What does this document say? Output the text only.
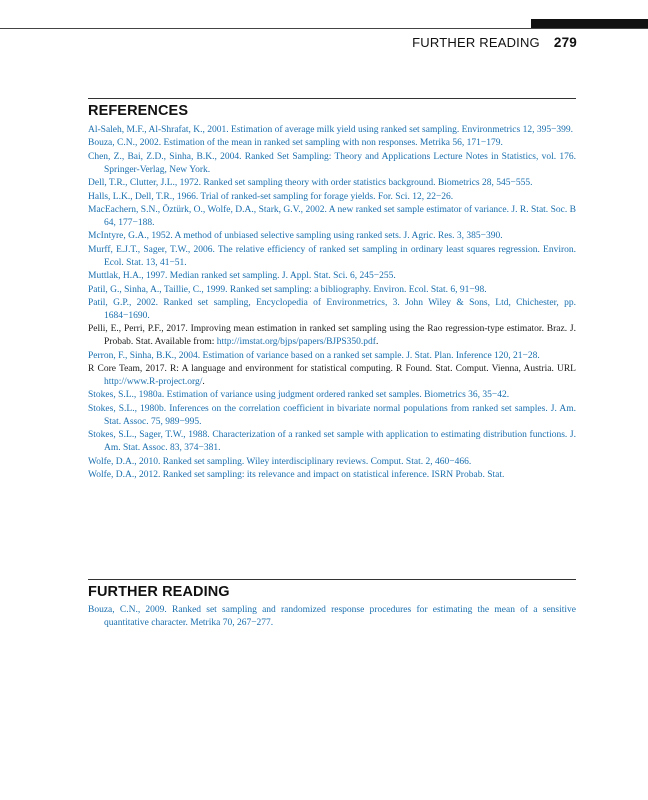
FURTHER READING 279
REFERENCES
Al-Saleh, M.F., Al-Shrafat, K., 2001. Estimation of average milk yield using ranked set sampling. Environmetrics 12, 395−399.
Bouza, C.N., 2002. Estimation of the mean in ranked set sampling with non responses. Metrika 56, 171−179.
Chen, Z., Bai, Z.D., Sinha, B.K., 2004. Ranked Set Sampling: Theory and Applications Lecture Notes in Statistics, vol. 176. Springer-Verlag, New York.
Dell, T.R., Clutter, J.L., 1972. Ranked set sampling theory with order statistics background. Biometrics 28, 545−555.
Halls, L.K., Dell, T.R., 1966. Trial of ranked-set sampling for forage yields. For. Sci. 12, 22−26.
MacEachern, S.N., Öztürk, O., Wolfe, D.A., Stark, G.V., 2002. A new ranked set sample estimator of variance. J. R. Stat. Soc. B 64, 177−188.
McIntyre, G.A., 1952. A method of unbiased selective sampling using ranked sets. J. Agric. Res. 3, 385−390.
Murff, E.J.T., Sager, T.W., 2006. The relative efficiency of ranked set sampling in ordinary least squares regression. Environ. Ecol. Stat. 13, 41−51.
Muttlak, H.A., 1997. Median ranked set sampling. J. Appl. Stat. Sci. 6, 245−255.
Patil, G., Sinha, A., Taillie, C., 1999. Ranked set sampling: a bibliography. Environ. Ecol. Stat. 6, 91−98.
Patil, G.P., 2002. Ranked set sampling, Encyclopedia of Environmetrics, 3. John Wiley & Sons, Ltd, Chichester, pp. 1684−1690.
Pelli, E., Perri, P.F., 2017. Improving mean estimation in ranked set sampling using the Rao regression-type estimator. Braz. J. Probab. Stat. Available from: http://imstat.org/bjps/papers/BJPS350.pdf.
Perron, F., Sinha, B.K., 2004. Estimation of variance based on a ranked set sample. J. Stat. Plan. Inference 120, 21−28.
R Core Team, 2017. R: A language and environment for statistical computing. R Found. Stat. Comput. Vienna, Austria. URL http://www.R-project.org/.
Stokes, S.L., 1980a. Estimation of variance using judgment ordered ranked set samples. Biometrics 36, 35−42.
Stokes, S.L., 1980b. Inferences on the correlation coefficient in bivariate normal populations from ranked set samples. J. Am. Stat. Assoc. 75, 989−995.
Stokes, S.L., Sager, T.W., 1988. Characterization of a ranked set sample with application to estimating distribution functions. J. Am. Stat. Assoc. 83, 374−381.
Wolfe, D.A., 2010. Ranked set sampling. Wiley interdisciplinary reviews. Comput. Stat. 2, 460−466.
Wolfe, D.A., 2012. Ranked set sampling: its relevance and impact on statistical inference. ISRN Probab. Stat.
FURTHER READING
Bouza, C.N., 2009. Ranked set sampling and randomized response procedures for estimating the mean of a sensitive quantitative character. Metrika 70, 267−277.
